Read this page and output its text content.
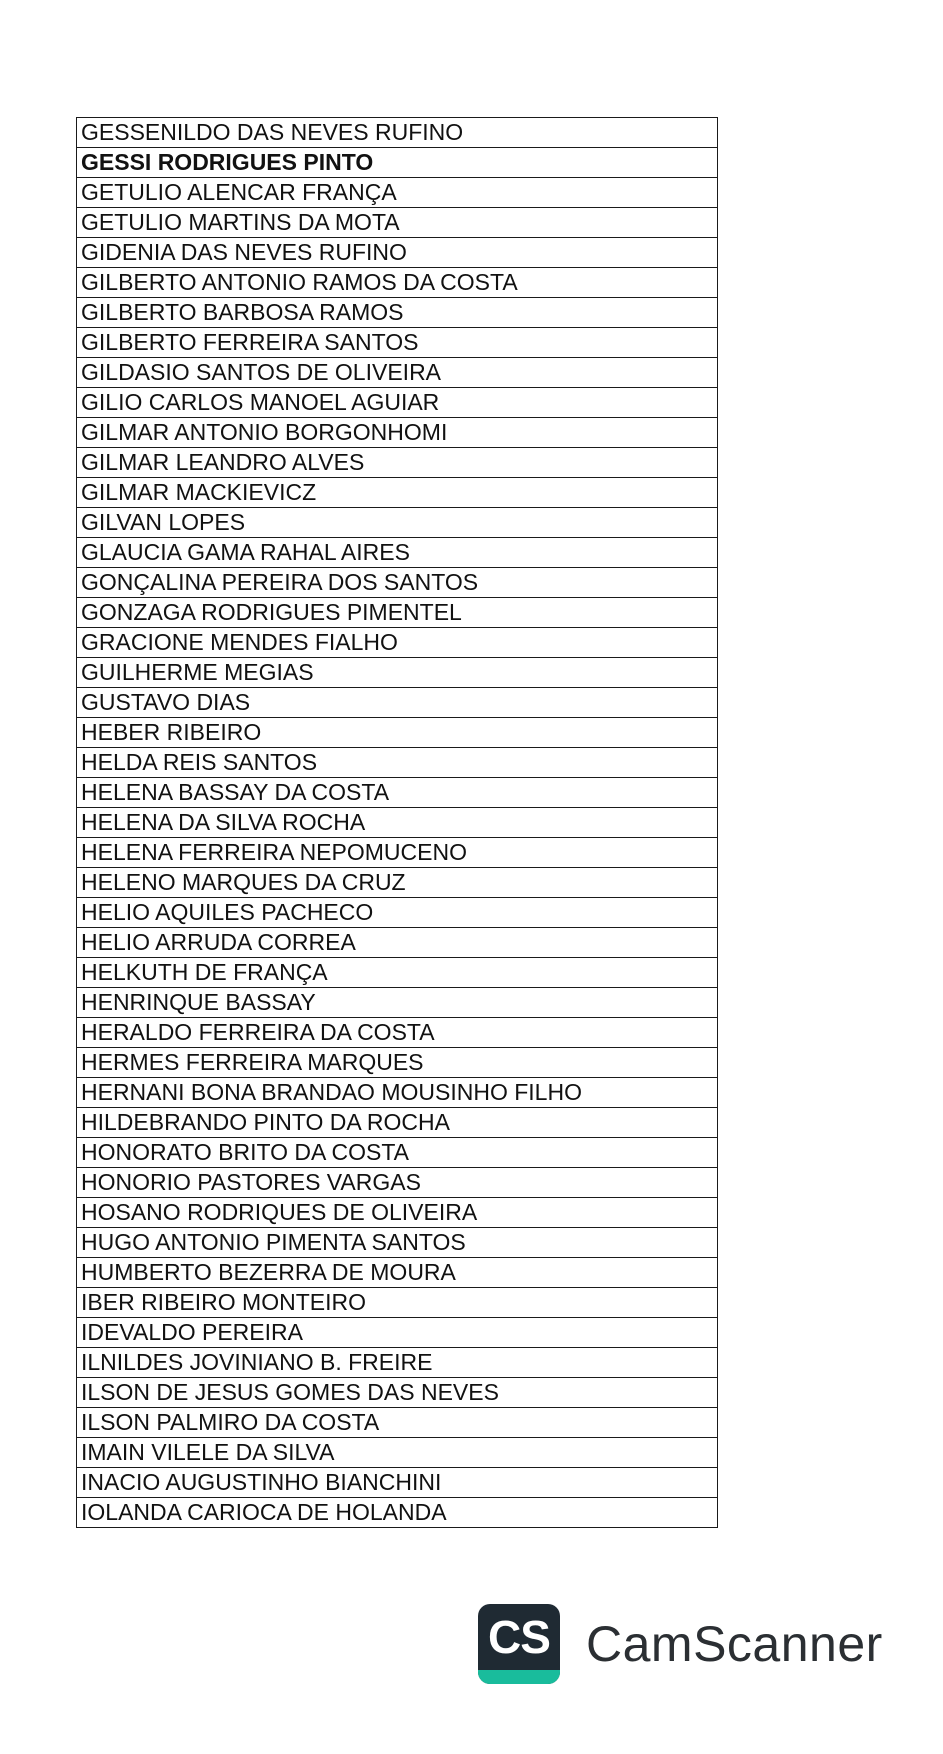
GESSENILDO DAS NEVES RUFINO
GESSI RODRIGUES PINTO
GETULIO ALENCAR FRANÇA
GETULIO MARTINS DA MOTA
GIDENIA DAS NEVES RUFINO
GILBERTO ANTONIO RAMOS DA COSTA
GILBERTO BARBOSA RAMOS
GILBERTO FERREIRA SANTOS
GILDASIO SANTOS DE OLIVEIRA
GILIO CARLOS MANOEL AGUIAR
GILMAR ANTONIO BORGONHOMI
GILMAR LEANDRO ALVES
GILMAR MACKIEVICZ
GILVAN LOPES
GLAUCIA GAMA RAHAL AIRES
GONÇALINA PEREIRA DOS SANTOS
GONZAGA RODRIGUES PIMENTEL
GRACIONE MENDES FIALHO
GUILHERME MEGIAS
GUSTAVO DIAS
HEBER RIBEIRO
HELDA REIS SANTOS
HELENA BASSAY DA COSTA
HELENA DA SILVA ROCHA
HELENA FERREIRA NEPOMUCENO
HELENO MARQUES DA CRUZ
HELIO AQUILES PACHECO
HELIO ARRUDA CORREA
HELKUTH DE FRANÇA
HENRINQUE BASSAY
HERALDO FERREIRA DA COSTA
HERMES FERREIRA MARQUES
HERNANI BONA BRANDAO MOUSINHO FILHO
HILDEBRANDO PINTO DA ROCHA
HONORATO BRITO DA COSTA
HONORIO PASTORES VARGAS
HOSANO RODRIQUES DE OLIVEIRA
HUGO ANTONIO PIMENTA SANTOS
HUMBERTO BEZERRA DE MOURA
IBER RIBEIRO MONTEIRO
IDEVALDO PEREIRA
ILNILDES JOVINIANO B. FREIRE
ILSON DE JESUS GOMES DAS NEVES
ILSON PALMIRO DA COSTA
IMAIN VILELE DA SILVA
INACIO AUGUSTINHO BIANCHINI
IOLANDA CARIOCA DE HOLANDA
CS CamScanner
